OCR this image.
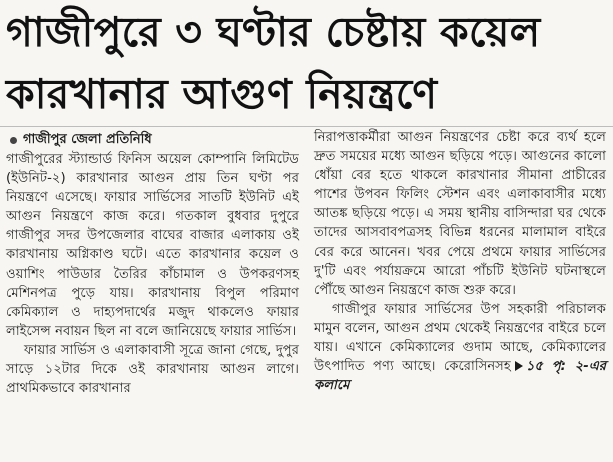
গাজীপুরে ৩ ঘণ্টার চেষ্টায় কয়েল
কারখানার আগুণ নিয়ন্ত্রণে
গাজীপুর জেলা প্রতিনিধি

গাজীপুরের স্ট্যান্ডার্ড ফিনিস অয়েল কোম্পানি লিমিটেড (ইউনিট-২) কারখানার আগুন প্রায় তিন ঘণ্টা পর নিয়ন্ত্রণে এসেছে। ফায়ার সার্ভিসের সাতটি ইউনিট এই আগুন নিয়ন্ত্রণে কাজ করে। গতকাল বুধবার দুপুরে গাজীপুর সদর উপজেলার বাঘের বাজার এলাকায় ওই কারখানায় অগ্নিকাণ্ড ঘটে। এতে কারখানার কয়েল ও ওয়াশিং পাউডার তৈরির কাঁচামাল ও উপকরণসহ মেশিনপত্র পুড়ে যায়। কারখানায় বিপুল পরিমাণ কেমিক্যাল ও দাহ্যপদার্থের মজুদ থাকলেও ফায়ার লাইসেন্স নবায়ন ছিল না বলে জানিয়েছে ফায়ার সার্ভিস।

ফায়ার সার্ভিস ও এলাকাবাসী সূত্রে জানা গেছে, দুপুর সাড়ে ১২টার দিকে ওই কারখানায় আগুন লাগে। প্রাথমিকভাবে কারখানার

নিরাপত্তাকর্মীরা আগুন নিয়ন্ত্রণের চেষ্টা করে ব্যর্থ হলে দ্রুত সময়ের মধ্যে আগুন ছড়িয়ে পড়ে। আগুনের কালো ধোঁয়া বের হতে থাকলে কারখানার সীমানা প্রাচীরের পাশের উপবন ফিলিং স্টেশন এবং এলাকাবাসীর মধ্যে আতঙ্ক ছড়িয়ে পড়ে। এ সময় স্থানীয় বাসিন্দারা ঘর থেকে তাদের আসবাবপত্রসহ বিভিন্ন ধরনের মালামাল বাইরে বের করে আনেন। খবর পেয়ে প্রথমে ফায়ার সার্ভিসের দু'টি এবং পর্যায়ক্রমে আরো পাঁচটি ইউনিট ঘটনাস্থলে পৌঁছে আগুন নিয়ন্ত্রণে কাজ শুরু করে।

গাজীপুর ফায়ার সার্ভিসের উপ সহকারী পরিচালক মামুন বলেন, আগুন প্রথম থেকেই নিয়ন্ত্রণের বাইরে চলে যায়। এখানে কেমিক্যালের গুদাম আছে, কেমিক্যালের উৎপাদিত পণ্য আছে। কেরোসিনসহ ১৫ পৃ: ২-এর কলামে
